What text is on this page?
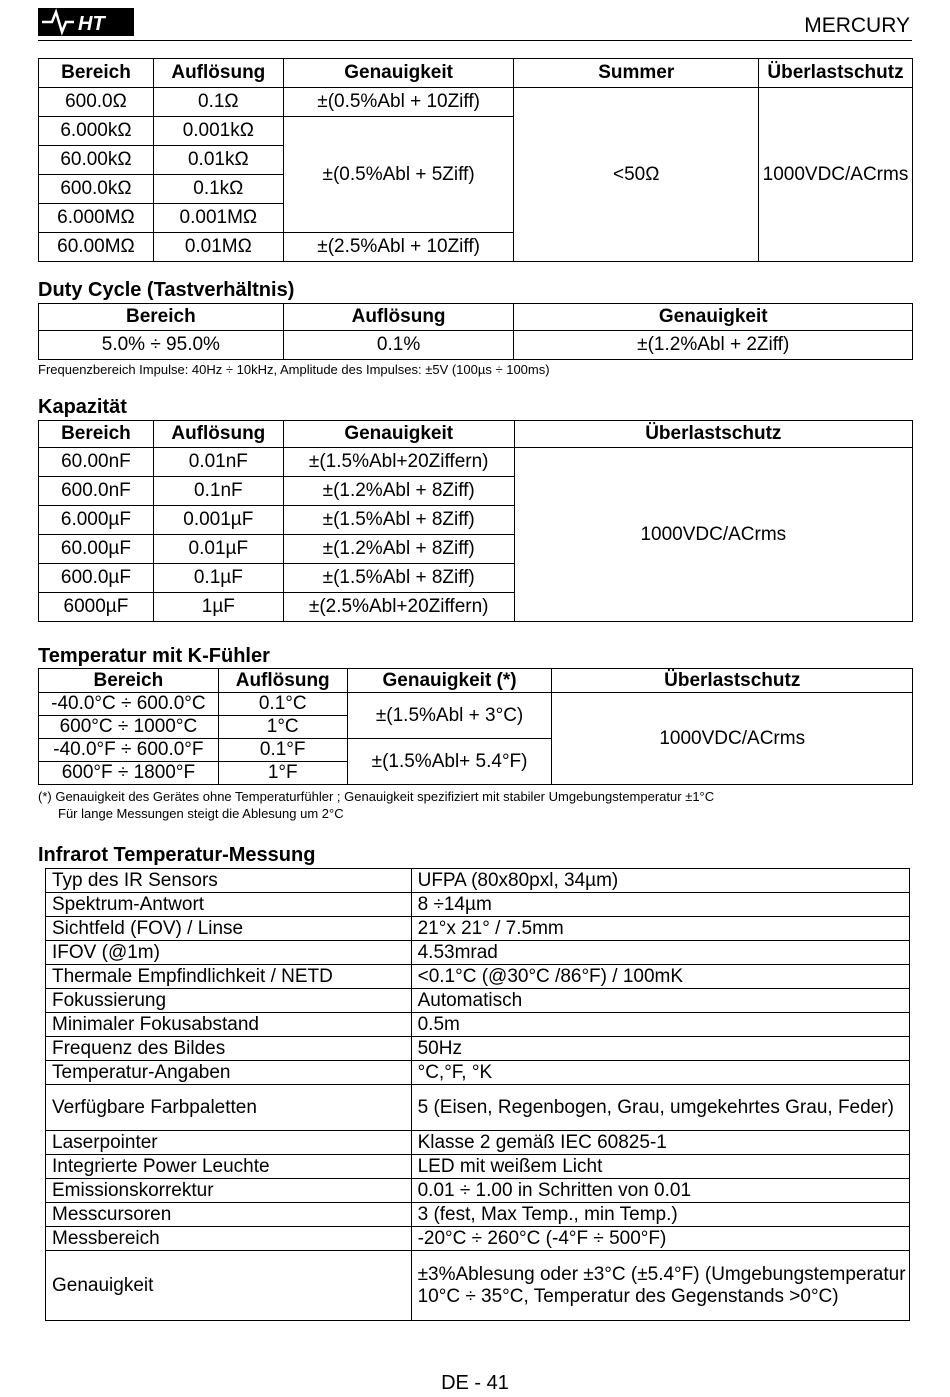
HT	MERCURY
Bereich	Auflösung	Genauigkeit	Summer	Überlastschutz
600.0Ω	0.1Ω	±(0.5%Abl + 10Ziff)	<50Ω	1000VDC/ACrms
6.000kΩ	0.001kΩ	±(0.5%Abl + 5Ziff)		
60.00kΩ	0.01kΩ			
600.0kΩ	0.1kΩ			
6.000MΩ	0.001MΩ			
60.00MΩ	0.01MΩ	±(2.5%Abl + 10Ziff)		
Duty Cycle (Tastverhältnis)
Bereich	Auflösung	Genauigkeit
5.0% ÷ 95.0%	0.1%	±(1.2%Abl + 2Ziff)
Frequenzbereich Impulse: 40Hz ÷ 10kHz, Amplitude des Impulses: ±5V (100µs ÷ 100ms)
Kapazität
Bereich	Auflösung	Genauigkeit	Überlastschutz
60.00nF	0.01nF	±(1.5%Abl+20Ziffern)	1000VDC/ACrms
600.0nF	0.1nF	±(1.2%Abl + 8Ziff)	
6.000µF	0.001µF	±(1.5%Abl + 8Ziff)	
60.00µF	0.01µF	±(1.2%Abl + 8Ziff)	
600.0µF	0.1µF	±(1.5%Abl + 8Ziff)	
6000µF	1µF	±(2.5%Abl+20Ziffern)	
Temperatur mit K-Fühler
Bereich	Auflösung	Genauigkeit (*)	Überlastschutz
-40.0°C ÷ 600.0°C	0.1°C	±(1.5%Abl + 3°C)	1000VDC/ACrms
600°C ÷ 1000°C	1°C		
-40.0°F ÷ 600.0°F	0.1°F	±(1.5%Abl+ 5.4°F)	
600°F ÷ 1800°F	1°F		
(*) Genauigkeit des Gerätes ohne Temperaturfühler ; Genauigkeit spezifiziert mit stabiler Umgebungstemperatur ±1°C
Für lange Messungen steigt die Ablesung um 2°C
Infrarot Temperatur-Messung
Typ des IR Sensors	UFPA (80x80pxl, 34µm)
Spektrum-Antwort	8 ÷14µm
Sichtfeld (FOV) / Linse	21°x 21° / 7.5mm
IFOV (@1m)	4.53mrad
Thermale Empfindlichkeit / NETD	<0.1°C (@30°C /86°F) / 100mK
Fokussierung	Automatisch
Minimaler Fokusabstand	0.5m
Frequenz des Bildes	50Hz
Temperatur-Angaben	°C,°F, °K
Verfügbare Farbpaletten	5 (Eisen, Regenbogen, Grau, umgekehrtes Grau, Feder)
Laserpointer	Klasse 2 gemäß IEC 60825-1
Integrierte Power Leuchte	LED mit weißem Licht
Emissionskorrektur	0.01 ÷ 1.00 in Schritten von 0.01
Messcursoren	3 (fest, Max Temp., min Temp.)
Messbereich	-20°C ÷ 260°C (-4°F ÷ 500°F)
Genauigkeit	±3%Ablesung oder ±3°C (±5.4°F) (Umgebungstemperatur 10°C ÷ 35°C, Temperatur des Gegenstands >0°C)
DE - 41
